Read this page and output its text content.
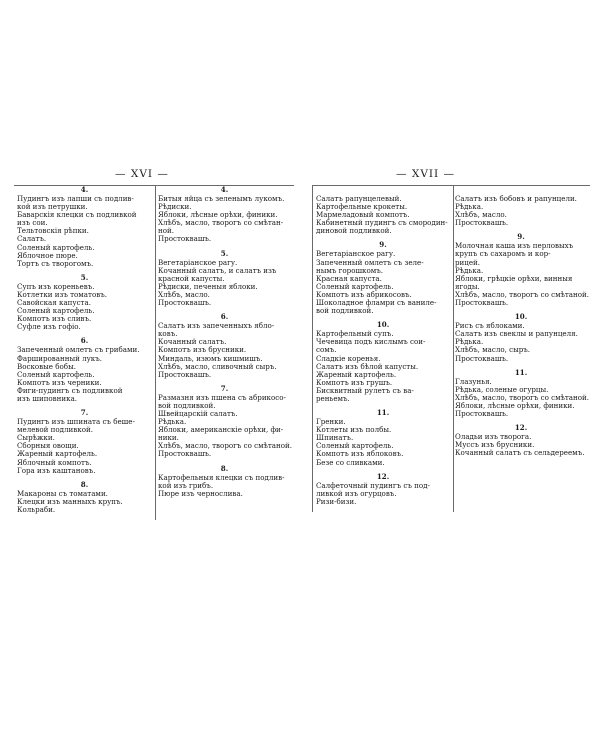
— XVI —	— XVII —
4.
Пудингъ изъ лапши съ подлив-
кой изъ петрушки.
Баварскія клецки съ подливкой
изъ сои.
Тельтовскія рѣпки.
Салатъ.
Соленый картофель.
Яблочное пюре.
Тортъ съ творогомъ.
5.
Супъ изъ кореньевъ.
Котлетки изъ томатовъ.
Савойская капуста.
Соленый картофель.
Компотъ изъ сливъ.
Суфле изъ гофіо.
6.
Запеченный омлетъ съ грибами.
Фаршированный лукъ.
Восковые бобы.
Соленый картофель.
Компотъ изъ черники.
Фиги-пудингъ съ подливкой
изъ шиповника.
7.
Пудингъ изъ шпината съ бешe-
мелевой подливкой.
Сырѣжки.
Сборныя овощи.
Жареный картофель.
Яблочный компотъ.
Гора изъ каштановъ.
8.
Макароны съ томатами.
Клецки изъ манныхъ крупъ.
Кольраби.
4.
Битыя яйца съ зеленымъ лукомъ.
Рѣдиски.
Яблоки, лѣсные орѣхи, финики.
Хлѣбъ, масло, творогъ со смѣтан-
ной.
Простоквашъ.
5.
Вегетаріанское рагу.
Кочанный салатъ, и салатъ изъ
красной капусты.
Рѣдиски, печеныя яблоки.
Хлѣбъ, масло.
Простоквашъ.
6.
Салатъ изъ запеченныхъ ябло-
ковъ.
Кочанный салатъ.
Компотъ изъ брусники.
Миндаль, изюмъ кишмишъ.
Хлѣбъ, масло, сливочный сыръ.
Простоквашъ.
7.
Размазня изъ пшена съ абрикосо-
вой подливкой.
Швейцарскій салатъ.
Рѣдька.
Яблоки, американскіе орѣхи, фи-
ники.
Хлѣбъ, масло, творогъ со смѣтаной.
Простоквашъ.
8.
Картофельныя клецки съ подлив-
кой изъ грибъ.
Пюре изъ черносливa.
Салатъ рапунцелевый.
Картофельные крокеты.
Мармеладовый компотъ.
Кабинетный пудингъ съ смородин-
диновой подливкой.
9.
Вегетаріанское рагу.
Запеченный омлетъ съ зеле-
нымъ горошкомъ.
Красная капуста.
Соленый картофель.
Компотъ изъ абрикосовъ.
Шоколадное фламри съ ваниле-
вой подливкой.
10.
Картофельный супъ.
Чечевица подъ кислымъ сои-
сомъ.
Сладкіе коренья.
Салатъ изъ бѣлой капусты.
Жареный картофель.
Компотъ изъ грушъ.
Бисквитный рулетъ съ ва-
реньемъ.
11.
Гренки.
Котлеты изъ полбы.
Шпинатъ.
Соленый картофель.
Компотъ изъ яблоковъ.
Безе со сливками.
12.
Салфеточный пудингъ съ под-
ливкой изъ огурцовъ.
Ризи-бизи.
Салатъ изъ бобовъ и рапунцели.
Рѣдька.
Хлѣбъ, масло.
Простоквашъ.
9.
Молочная каша изъ перловыхъ
крупъ съ сахаромъ и кор-
рицей.
Рѣдька.
Яблоки, грѣцкіе орѣхи, винныя
ягоды.
Хлѣбъ, масло, творогъ со смѣтаной.
Простоквашъ.
10.
Рисъ съ яблоками.
Салатъ изъ свеклы и рапунцеля.
Рѣдька.
Хлѣбъ, масло, сыръ.
Простоквашъ.
11.
Глазунья.
Рѣдька, соленые огурцы.
Хлѣбъ, масло, творогъ со смѣтаной.
Яблоки, лѣсные орѣхи, финики.
Простоквашъ.
12.
Оладьи изъ творога.
Муссъ изъ брусники.
Кочанный салатъ съ сельдереемъ.
